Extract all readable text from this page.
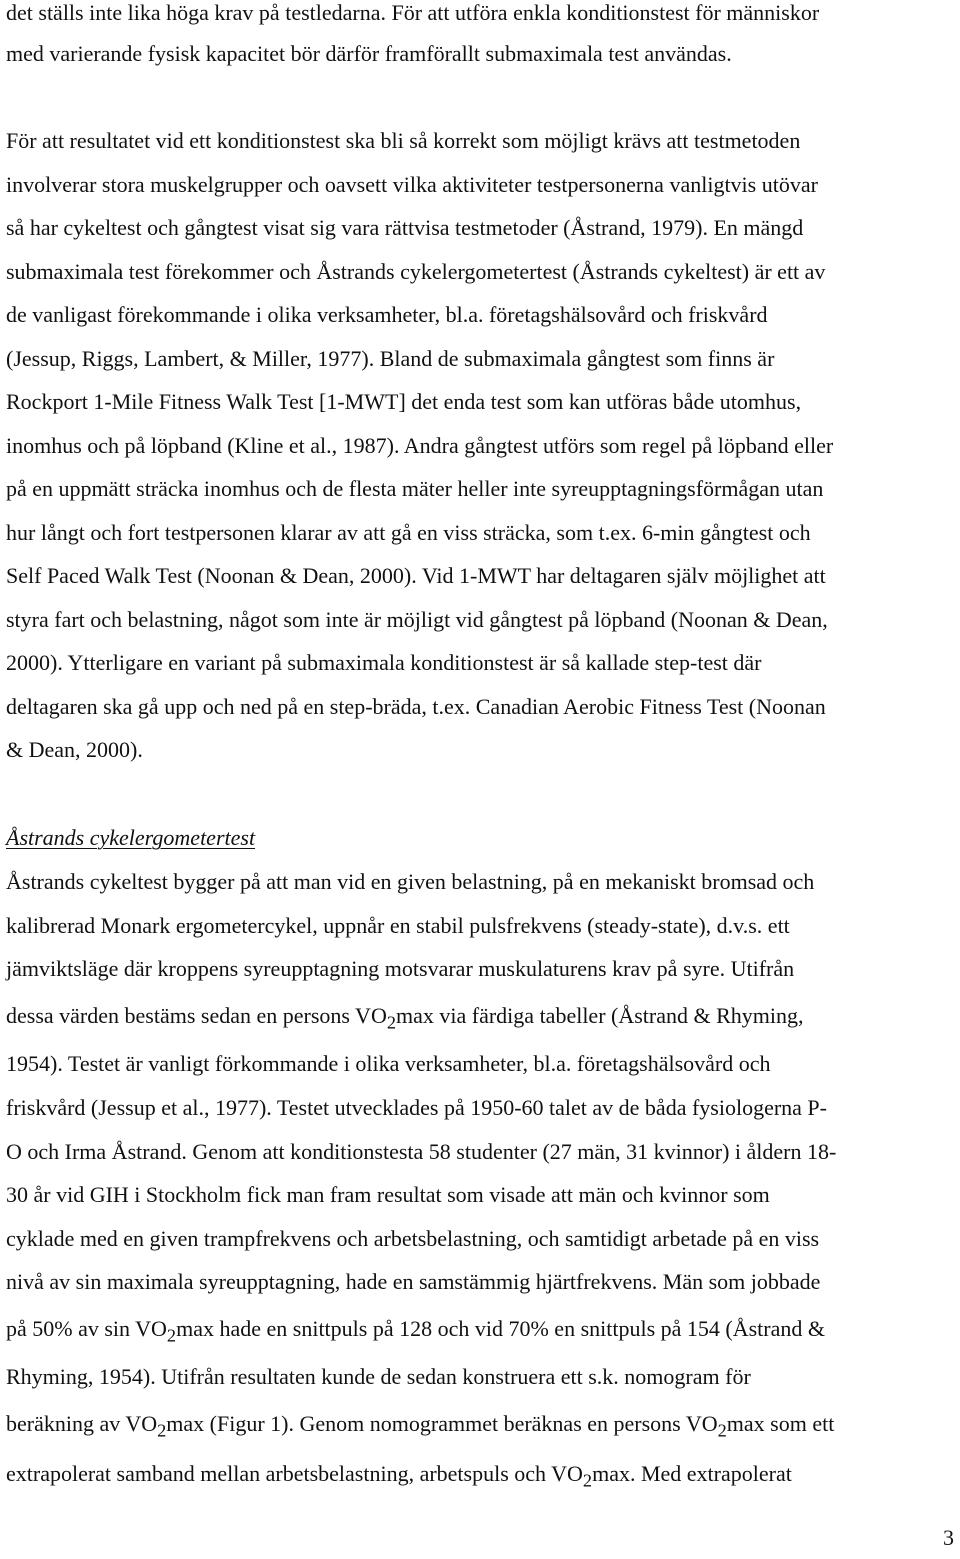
det ställs inte lika höga krav på testledarna. För att utföra enkla konditionstest för människor
med varierande fysisk kapacitet bör därför framförallt submaximala test användas.
För att resultatet vid ett konditionstest ska bli så korrekt som möjligt krävs att testmetoden
involverar stora muskelgrupper och oavsett vilka aktiviteter testpersonerna vanligtvis utövar
så har cykeltest och gångtest visat sig vara rättvisa testmetoder (Åstrand, 1979). En mängd
submaximala test förekommer och Åstrands cykelergometertest (Åstrands cykeltest) är ett av
de vanligast förekommande i olika verksamheter, bl.a. företagshälsovård och friskvård
(Jessup, Riggs, Lambert, & Miller, 1977). Bland de submaximala gångtest som finns är
Rockport 1-Mile Fitness Walk Test [1-MWT] det enda test som kan utföras både utomhus,
inomhus och på löpband (Kline et al., 1987). Andra gångtest utförs som regel på löpband eller
på en uppmätt sträcka inomhus och de flesta mäter heller inte syreupptagningsförmågan utan
hur långt och fort testpersonen klarar av att gå en viss sträcka, som t.ex. 6-min gångtest och
Self Paced Walk Test (Noonan & Dean, 2000). Vid 1-MWT har deltagaren själv möjlighet att
styra fart och belastning, något som inte är möjligt vid gångtest på löpband (Noonan & Dean,
2000). Ytterligare en variant på submaximala konditionstest är så kallade step-test där
deltagaren ska gå upp och ned på en step-bräda, t.ex. Canadian Aerobic Fitness Test (Noonan
& Dean, 2000).
Åstrands cykelergometertest
Åstrands cykeltest bygger på att man vid en given belastning, på en mekaniskt bromsad och
kalibrerad Monark ergometercykel, uppnår en stabil pulsfrekvens (steady-state), d.v.s. ett
jämviktsläge där kroppens syreupptagning motsvarar muskulaturens krav på syre. Utifrån
dessa värden bestäms sedan en persons $VO_2\max$ via färdiga tabeller (Åstrand & Rhyming,
1954). Testet är vanligt förkommande i olika verksamheter, bl.a. företagshälsovård och
friskvård (Jessup et al., 1977). Testet utvecklades på 1950-60 talet av de båda fysiologerna P-
O och Irma Åstrand. Genom att konditionstesta 58 studenter (27 män, 31 kvinnor) i åldern 18-
30 år vid GIH i Stockholm fick man fram resultat som visade att män och kvinnor som
cyklade med en given trampfrekvens och arbetsbelastning, och samtidigt arbetade på en viss
nivå av sin maximala syreupptagning, hade en samstämmig hjärtfrekvens. Män som jobbade
på 50% av $\sin VO_2\max$ hade en snittpuls på 128 och vid 70% en snittpuls på 154 (Åstrand &
Rhyming, 1954). Utifrån resultaten kunde de sedan konstruera ett s.k. nomogram för
beräkning av $VO_2\max$ (Figur 1). Genom nomogrammet beräknas en persons $VO_2\max$ som ett
extrapolerat samband mellan arbetsbelastning, arbetspuls och $VO_2\max$. Med extrapolerat
3
